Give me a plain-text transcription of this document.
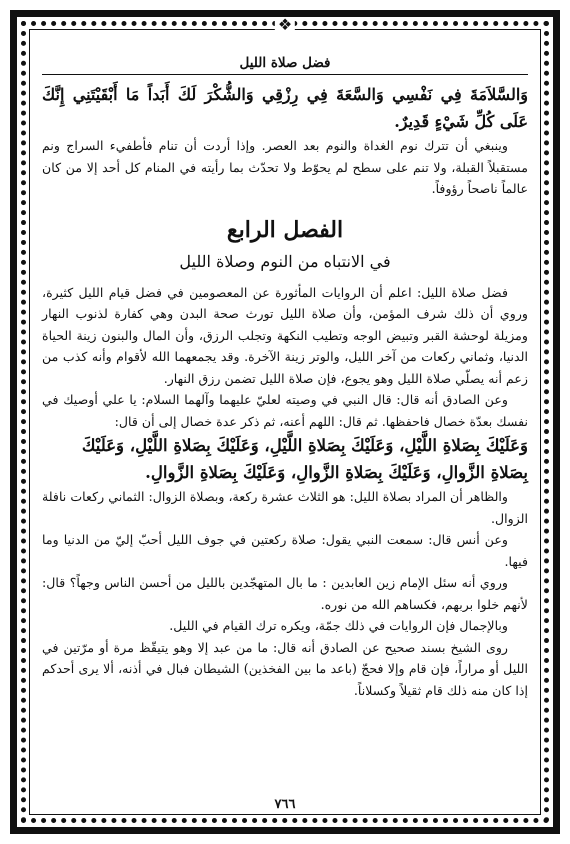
❖
فضل صلاة الليل
وَالسَّلاَمَةَ فِي نَفْسِي وَالسَّعَةَ فِي رِزْقِي وَالشُّكْرَ لَكَ أَبَداً مَا أَبْقَيْتَنِي إِنَّكَ عَلَى كُلِّ شَيْءٍ قَدِيرٌ.

وينبغي أن تترك نوم الغداة والنوم بعد العصر. وإذا أردت أن تنام فأطفيء السراج ونم مستقبلاً القبلة، ولا تنم على سطح لم يحوّط ولا تحدّث بما رأيته في المنام كل أحد إلا من كان عالماً ناصحاً رؤوفاً.

الفصل الرابع
في الانتباه من النوم وصلاة الليل

فضل صلاة الليل: اعلم أن الروايات المأثورة عن المعصومين في فضل قيام الليل كثيرة، وروي أن ذلك شرف المؤمن، وأن صلاة الليل تورث صحة البدن وهي كفارة لذنوب النهار ومزيلة لوحشة القبر وتبيض الوجه وتطيب النكهة وتجلب الرزق، وأن المال والبنون زينة الحياة الدنيا، وثماني ركعات من آخر الليل، والوتر زينة الآخرة. وقد يجمعهما الله لأقوام وأنه كذب من زعم أنه يصلّي صلاة الليل وهو يجوع، فإن صلاة الليل تضمن رزق النهار.

وعن الصادق أنه قال: قال النبي في وصيته لعليّ عليهما وآلهما السلام: يا علي أوصيك في نفسك بعدّة خصال فاحفظها. ثم قال: اللهم أعنه، ثم ذكر عدة خصال إلى أن قال:

وَعَلَيْكَ بِصَلاةِ اللَّيْلِ، وَعَلَيْكَ بِصَلاةِ اللَّيْلِ، وَعَلَيْكَ بِصَلاةِ اللَّيْلِ، وَعَلَيْكَ بِصَلاةِ الزَّوالِ، وَعَلَيْكَ بِصَلاةِ الزَّوالِ، وَعَلَيْكَ بِصَلاةِ الزَّوالِ.

والظاهر أن المراد بصلاة الليل: هو الثلاث عشرة ركعة، وبصلاة الزوال: الثماني ركعات نافلة الزوال.

وعن أنس قال: سمعت النبي يقول: صلاة ركعتين في جوف الليل أحبّ إليّ من الدنيا وما فيها.

وروي أنه سئل الإمام زين العابدين : ما بال المتهجّدين بالليل من أحسن الناس وجهاً؟ قال: لأنهم خلوا بربهم، فكساهم الله من نوره.

وبالإجمال فإن الروايات في ذلك جمّة، ويكره ترك القيام في الليل.

روى الشيخ بسند صحيح عن الصادق أنه قال: ما من عبد إلا وهو يتيقّظ مرة أو مرّتين في الليل أو مراراً، فإن قام وإلا فحجّ (باعد ما بين الفخذين) الشيطان فبال في أذنه، ألا يرى أحدكم إذا كان منه ذلك قام ثقيلاً وكسلاناً.

٧٦٦
